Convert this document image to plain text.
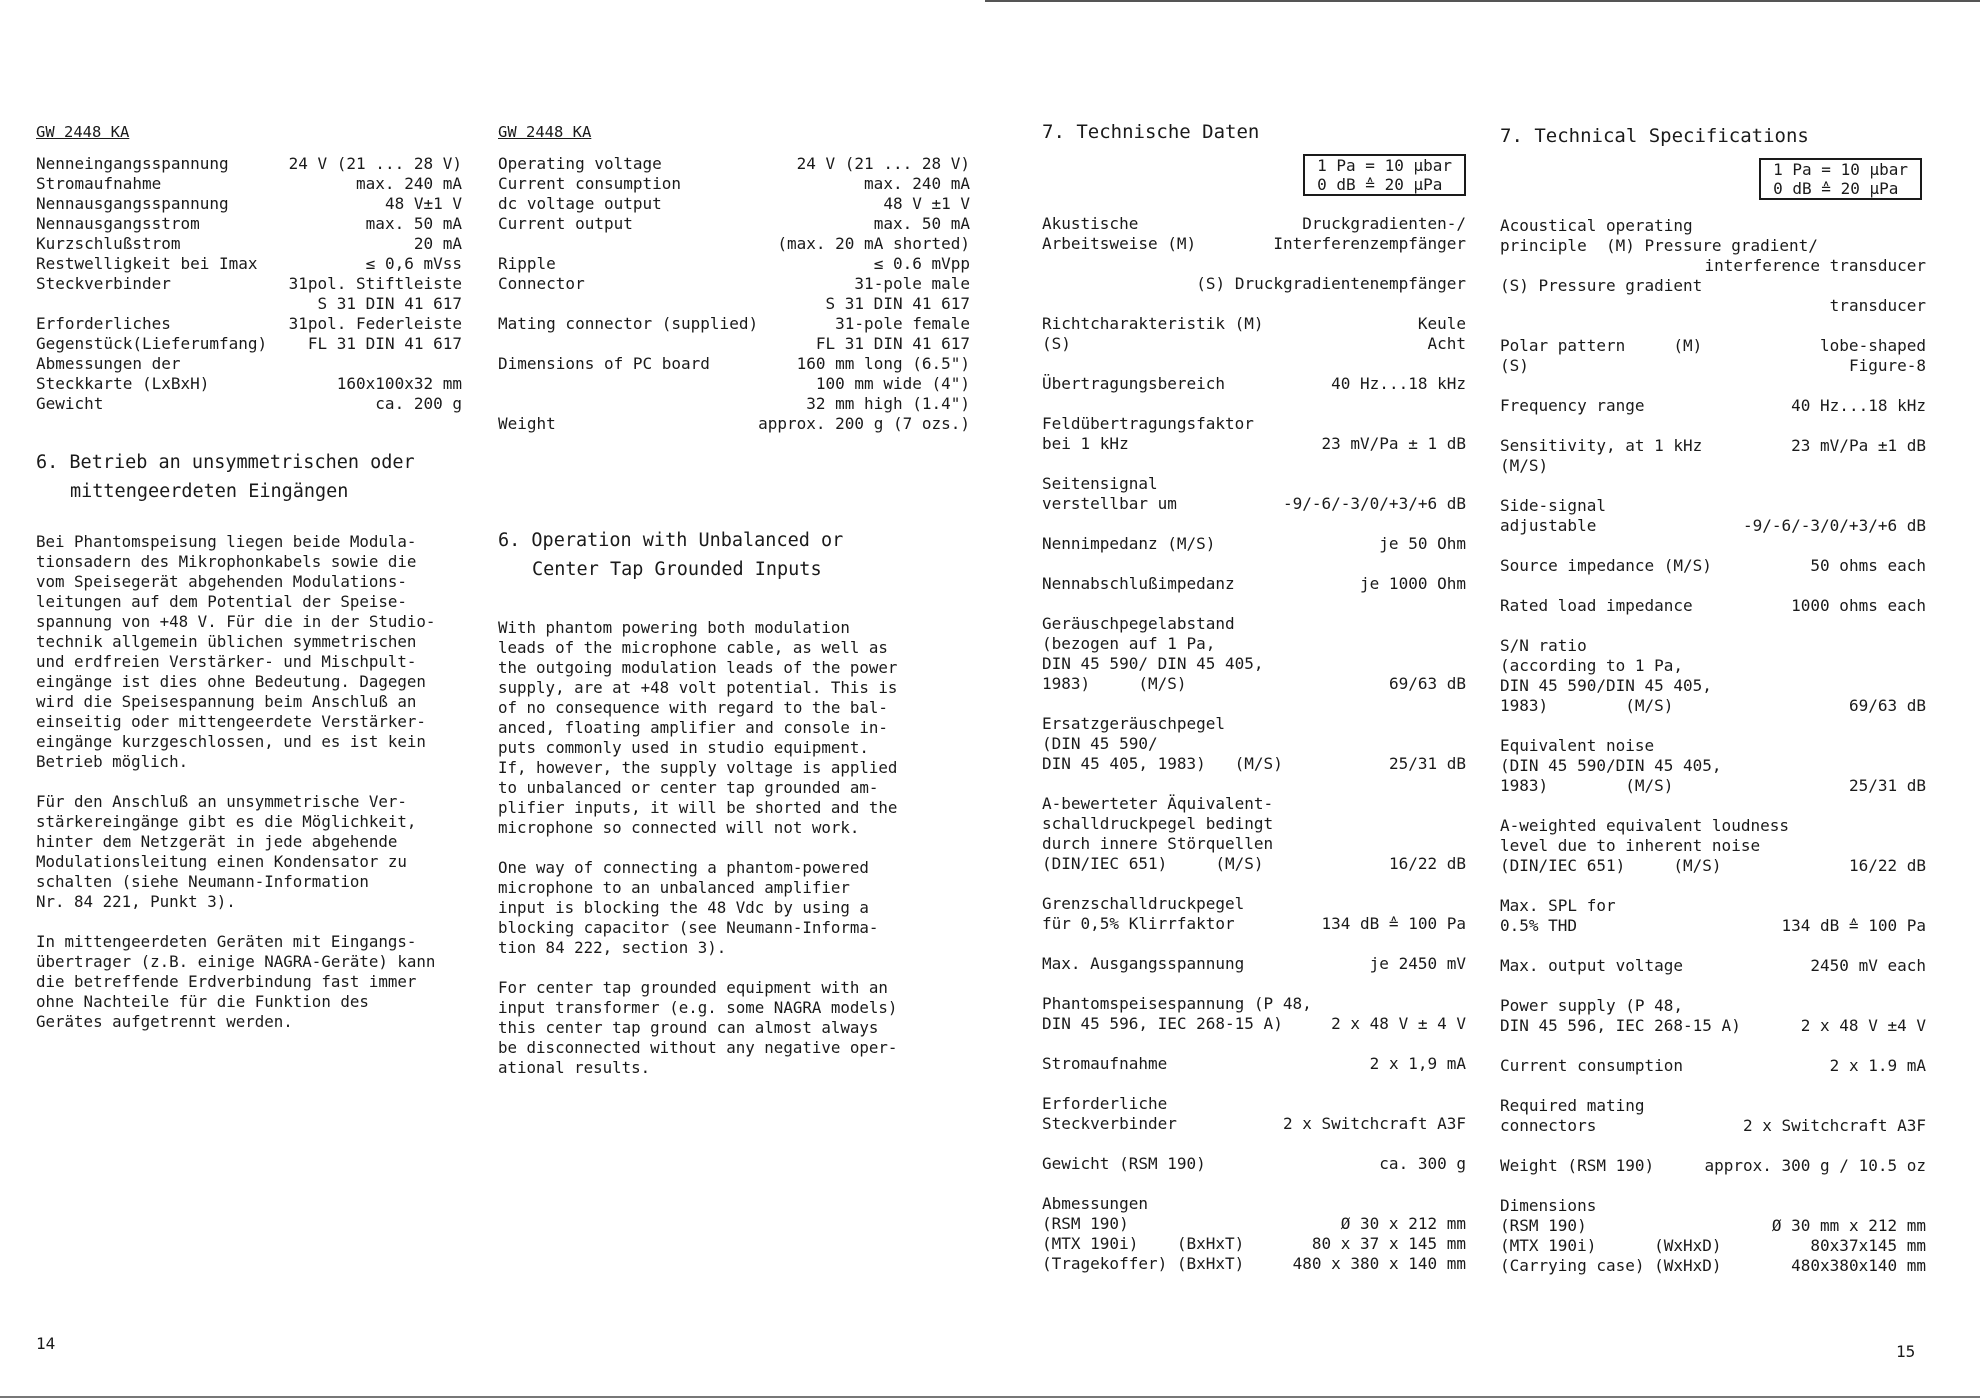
GW 2448 KA
Nenneingangsspannung	24 V (21 ... 28 V)
Stromaufnahme	max. 240 mA
Nennausgangsspannung	48 V±1 V
Nennausgangsstrom	max. 50 mA
Kurzschlußstrom	20 mA
Restwelligkeit bei Imax	≤ 0,6 mVss
Steckverbinder	31pol. Stiftleiste
	S 31 DIN 41 617
Erforderliches	31pol. Federleiste
Gegenstück(Lieferumfang)	FL 31 DIN 41 617
Abmessungen der	
Steckkarte (LxBxH)	160x100x32 mm
Gewicht	ca. 200 g
6. Betrieb an unsymmetrischen oder
mittengeerdeten Eingängen
Bei Phantomspeisung liegen beide Modula-
tionsadern des Mikrophonkabels sowie die
vom Speisegerät abgehenden Modulations-
leitungen auf dem Potential der Speise-
spannung von +48 V. Für die in der Studio-
technik allgemein üblichen symmetrischen
und erdfreien Verstärker- und Mischpult-
eingänge ist dies ohne Bedeutung. Dagegen
wird die Speisespannung beim Anschluß an
einseitig oder mittengeerdete Verstärker-
eingänge kurzgeschlossen, und es ist kein
Betrieb möglich.
Für den Anschluß an unsymmetrische Ver-
stärkereingänge gibt es die Möglichkeit,
hinter dem Netzgerät in jede abgehende
Modulationsleitung einen Kondensator zu
schalten (siehe Neumann-Information
Nr. 84 221, Punkt 3).
In mittengeerdeten Geräten mit Eingangs-
übertrager (z.B. einige NAGRA-Geräte) kann
die betreffende Erdverbindung fast immer
ohne Nachteile für die Funktion des
Gerätes aufgetrennt werden.
GW 2448 KA
Operating voltage	24 V (21 ... 28 V)
Current consumption	max. 240 mA
dc voltage output	48 V ±1 V
Current output	max. 50 mA
	(max. 20 mA shorted)
Ripple	≤ 0.6 mVpp
Connector	31-pole male
	S 31 DIN 41 617
Mating connector (supplied)	31-pole female
	FL 31 DIN 41 617
Dimensions of PC board	160 mm long (6.5")
	100 mm wide (4")
	32 mm high (1.4")
Weight	approx. 200 g (7 ozs.)
6. Operation with Unbalanced or
Center Tap Grounded Inputs
With phantom powering both modulation
leads of the microphone cable, as well as
the outgoing modulation leads of the power
supply, are at +48 volt potential. This is
of no consequence with regard to the bal-
anced, floating amplifier and console in-
puts commonly used in studio equipment.
If, however, the supply voltage is applied
to unbalanced or center tap grounded am-
plifier inputs, it will be shorted and the
microphone so connected will not work.
One way of connecting a phantom-powered
microphone to an unbalanced amplifier
input is blocking the 48 Vdc by using a
blocking capacitor (see Neumann-Informa-
tion 84 222, section 3).
For center tap grounded equipment with an
input transformer (e.g. some NAGRA models)
this center tap ground can almost always
be disconnected without any negative oper-
ational results.
14
7. Technische Daten
1 Pa = 10 µbar
0 dB ≙ 20 µPa
Akustische	Druckgradienten-/
Arbeitsweise (M)	Interferenzempfänger
(S) Druckgradientenempfänger
Richtcharakteristik (M)	Keule
(S)	Acht
Übertragungsbereich	40 Hz...18 kHz
Feldübertragungsfaktor
bei 1 kHz	23 mV/Pa ± 1 dB
Seitensignal
verstellbar um	-9/-6/-3/0/+3/+6 dB
Nennimpedanz (M/S)	je 50 Ohm
Nennabschlußimpedanz	je 1000 Ohm
Geräuschpegelabstand
(bezogen auf 1 Pa,
DIN 45 590/ DIN 45 405,
1983)     (M/S)	69/63 dB
Ersatzgeräuschpegel
(DIN 45 590/
DIN 45 405, 1983)   (M/S)	25/31 dB
A-bewerteter Äquivalent-
schalldruckpegel bedingt
durch innere Störquellen
(DIN/IEC 651)     (M/S)	16/22 dB
Grenzschalldruckpegel
für 0,5% Klirrfaktor	134 dB ≙ 100 Pa
Max. Ausgangsspannung	je 2450 mV
Phantomspeisespannung (P 48,
DIN 45 596, IEC 268-15 A)	2 x 48 V ± 4 V
Stromaufnahme	2 x 1,9 mA
Erforderliche
Steckverbinder	2 x Switchcraft A3F
Gewicht (RSM 190)	ca. 300 g
Abmessungen
(RSM 190)	Ø 30 x 212 mm
(MTX 190i)    (BxHxT)	80 x 37 x 145 mm
(Tragekoffer) (BxHxT)	480 x 380 x 140 mm
7. Technical Specifications
1 Pa = 10 µbar
0 dB ≙ 20 µPa
Acoustical operating
principle  (M) Pressure gradient/
interference transducer
(S) Pressure gradient
transducer
Polar pattern     (M)	lobe-shaped
(S)	Figure-8
Frequency range	40 Hz...18 kHz
Sensitivity, at 1 kHz	23 mV/Pa ±1 dB
(M/S)
Side-signal
adjustable	-9/-6/-3/0/+3/+6 dB
Source impedance (M/S)	50 ohms each
Rated load impedance	1000 ohms each
S/N ratio
(according to 1 Pa,
DIN 45 590/DIN 45 405,
1983)        (M/S)	69/63 dB
Equivalent noise
(DIN 45 590/DIN 45 405,
1983)        (M/S)	25/31 dB
A-weighted equivalent loudness
level due to inherent noise
(DIN/IEC 651)     (M/S)	16/22 dB
Max. SPL for
0.5% THD	134 dB ≙ 100 Pa
Max. output voltage	2450 mV each
Power supply (P 48,
DIN 45 596, IEC 268-15 A)	2 x 48 V ±4 V
Current consumption	2 x 1.9 mA
Required mating
connectors	2 x Switchcraft A3F
Weight (RSM 190)	approx. 300 g / 10.5 oz
Dimensions
(RSM 190)	Ø 30 mm x 212 mm
(MTX 190i)      (WxHxD)	80x37x145 mm
(Carrying case) (WxHxD)	480x380x140 mm
15
